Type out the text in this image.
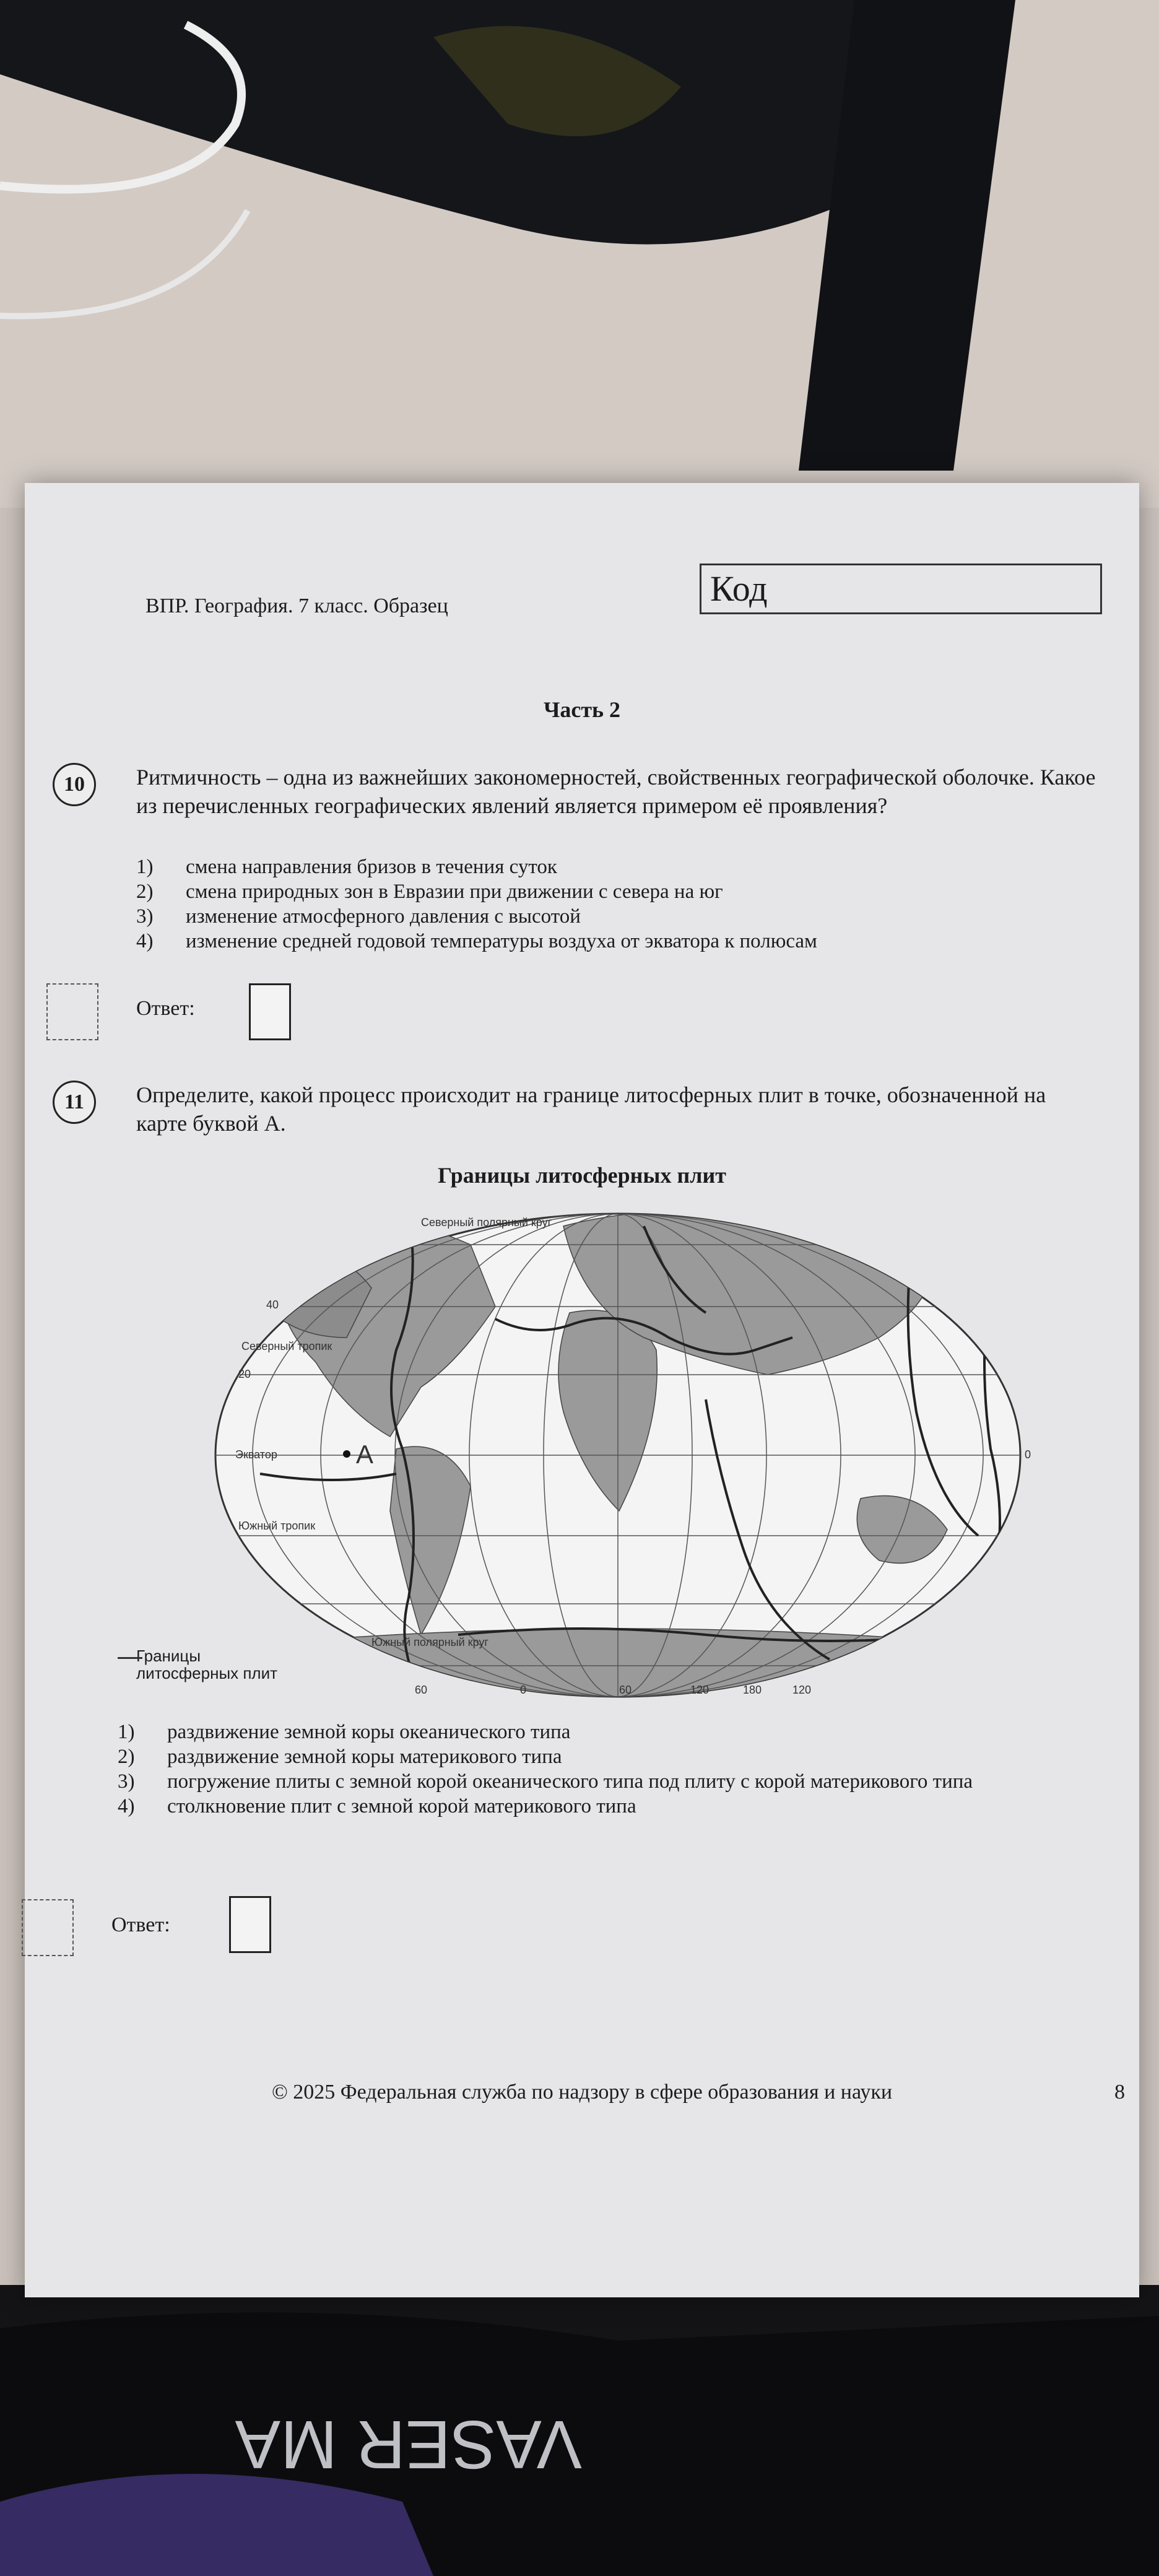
VASER MA
ВПР. География. 7 класс. Образец	Код
Часть 2
10	Ритмичность – одна из важнейших закономерностей, свойственных географической оболочке. Какое из перечисленных географических явлений является примером её проявления?
1)	смена направления бризов в течения суток
2)	смена природных зон в Евразии при движении с севера на юг
3)	изменение атмосферного давления с высотой
4)	изменение средней годовой температуры воздуха от экватора к полюсам
Ответ:
11	Определите, какой процесс происходит на границе литосферных плит в точке, обозначенной на карте буквой А.
Границы литосферных плит
А
Северный полярный круг
Северный тропик
Экватор
Южный тропик
Южный полярный круг
40
20
0
60	0	60	120	180	120
Границы
литосферных плит
1)	раздвижение земной коры океанического типа
2)	раздвижение земной коры материкового типа
3)	погружение плиты с земной корой океанического типа под плиту с корой материкового типа
4)	столкновение плит с земной корой материкового типа
Ответ:
© 2025 Федеральная служба по надзору в сфере образования и науки	8
